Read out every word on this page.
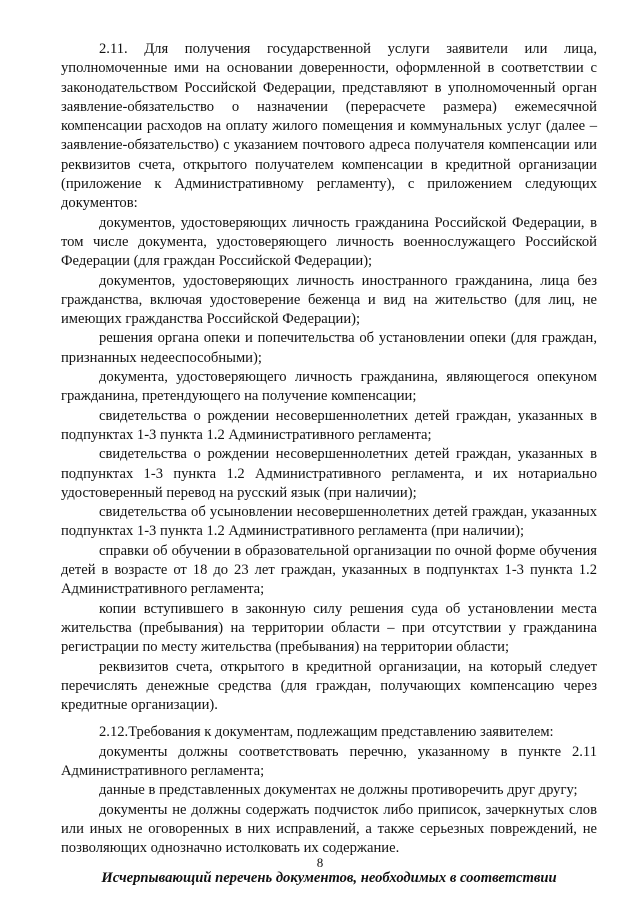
2.11. Для получения государственной услуги заявители или лица, уполномоченные ими на основании доверенности, оформленной в соответствии с законодательством Российской Федерации, представляют в уполномоченный орган заявление-обязательство о назначении (перерасчете размера) ежемесячной компенсации расходов на оплату жилого помещения и коммунальных услуг (далее – заявление-обязательство) с указанием почтового адреса получателя компенсации или реквизитов счета, открытого получателем компенсации в кредитной организации (приложение к Административному регламенту), с приложением следующих документов:

документов, удостоверяющих личность гражданина Российской Федерации, в том числе документа, удостоверяющего личность военнослужащего Российской Федерации (для граждан Российской Федерации);

документов, удостоверяющих личность иностранного гражданина, лица без гражданства, включая удостоверение беженца и вид на жительство (для лиц, не имеющих гражданства Российской Федерации);

решения органа опеки и попечительства об установлении опеки (для граждан, признанных недееспособными);

документа, удостоверяющего личность гражданина, являющегося опекуном гражданина, претендующего на получение компенсации;

свидетельства о рождении несовершеннолетних детей граждан, указанных в подпунктах 1-3 пункта 1.2 Административного регламента;

свидетельства о рождении несовершеннолетних детей граждан, указанных в подпунктах 1-3 пункта 1.2 Административного регламента, и их нотариально удостоверенный перевод на русский язык (при наличии);

свидетельства об усыновлении несовершеннолетних детей граждан, указанных подпунктах 1-3 пункта 1.2 Административного регламента (при наличии);

справки об обучении в образовательной организации по очной форме обучения детей в возрасте от 18 до 23 лет граждан, указанных в подпунктах 1-3 пункта 1.2 Административного регламента;

копии вступившего в законную силу решения суда об установлении места жительства (пребывания) на территории области – при отсутствии у гражданина регистрации по месту жительства (пребывания) на территории области;

реквизитов счета, открытого в кредитной организации, на который следует перечислять денежные средства (для граждан, получающих компенсацию через кредитные организации).

2.12.Требования к документам, подлежащим представлению заявителем:

документы должны соответствовать перечню, указанному в пункте 2.11 Административного регламента;

данные в представленных документах не должны противоречить друг другу;

документы не должны содержать подчисток либо приписок, зачеркнутых слов или иных не оговоренных в них исправлений, а также серьезных повреждений, не позволяющих однозначно истолковать их содержание.

Исчерпывающий перечень документов, необходимых в соответствии

8
